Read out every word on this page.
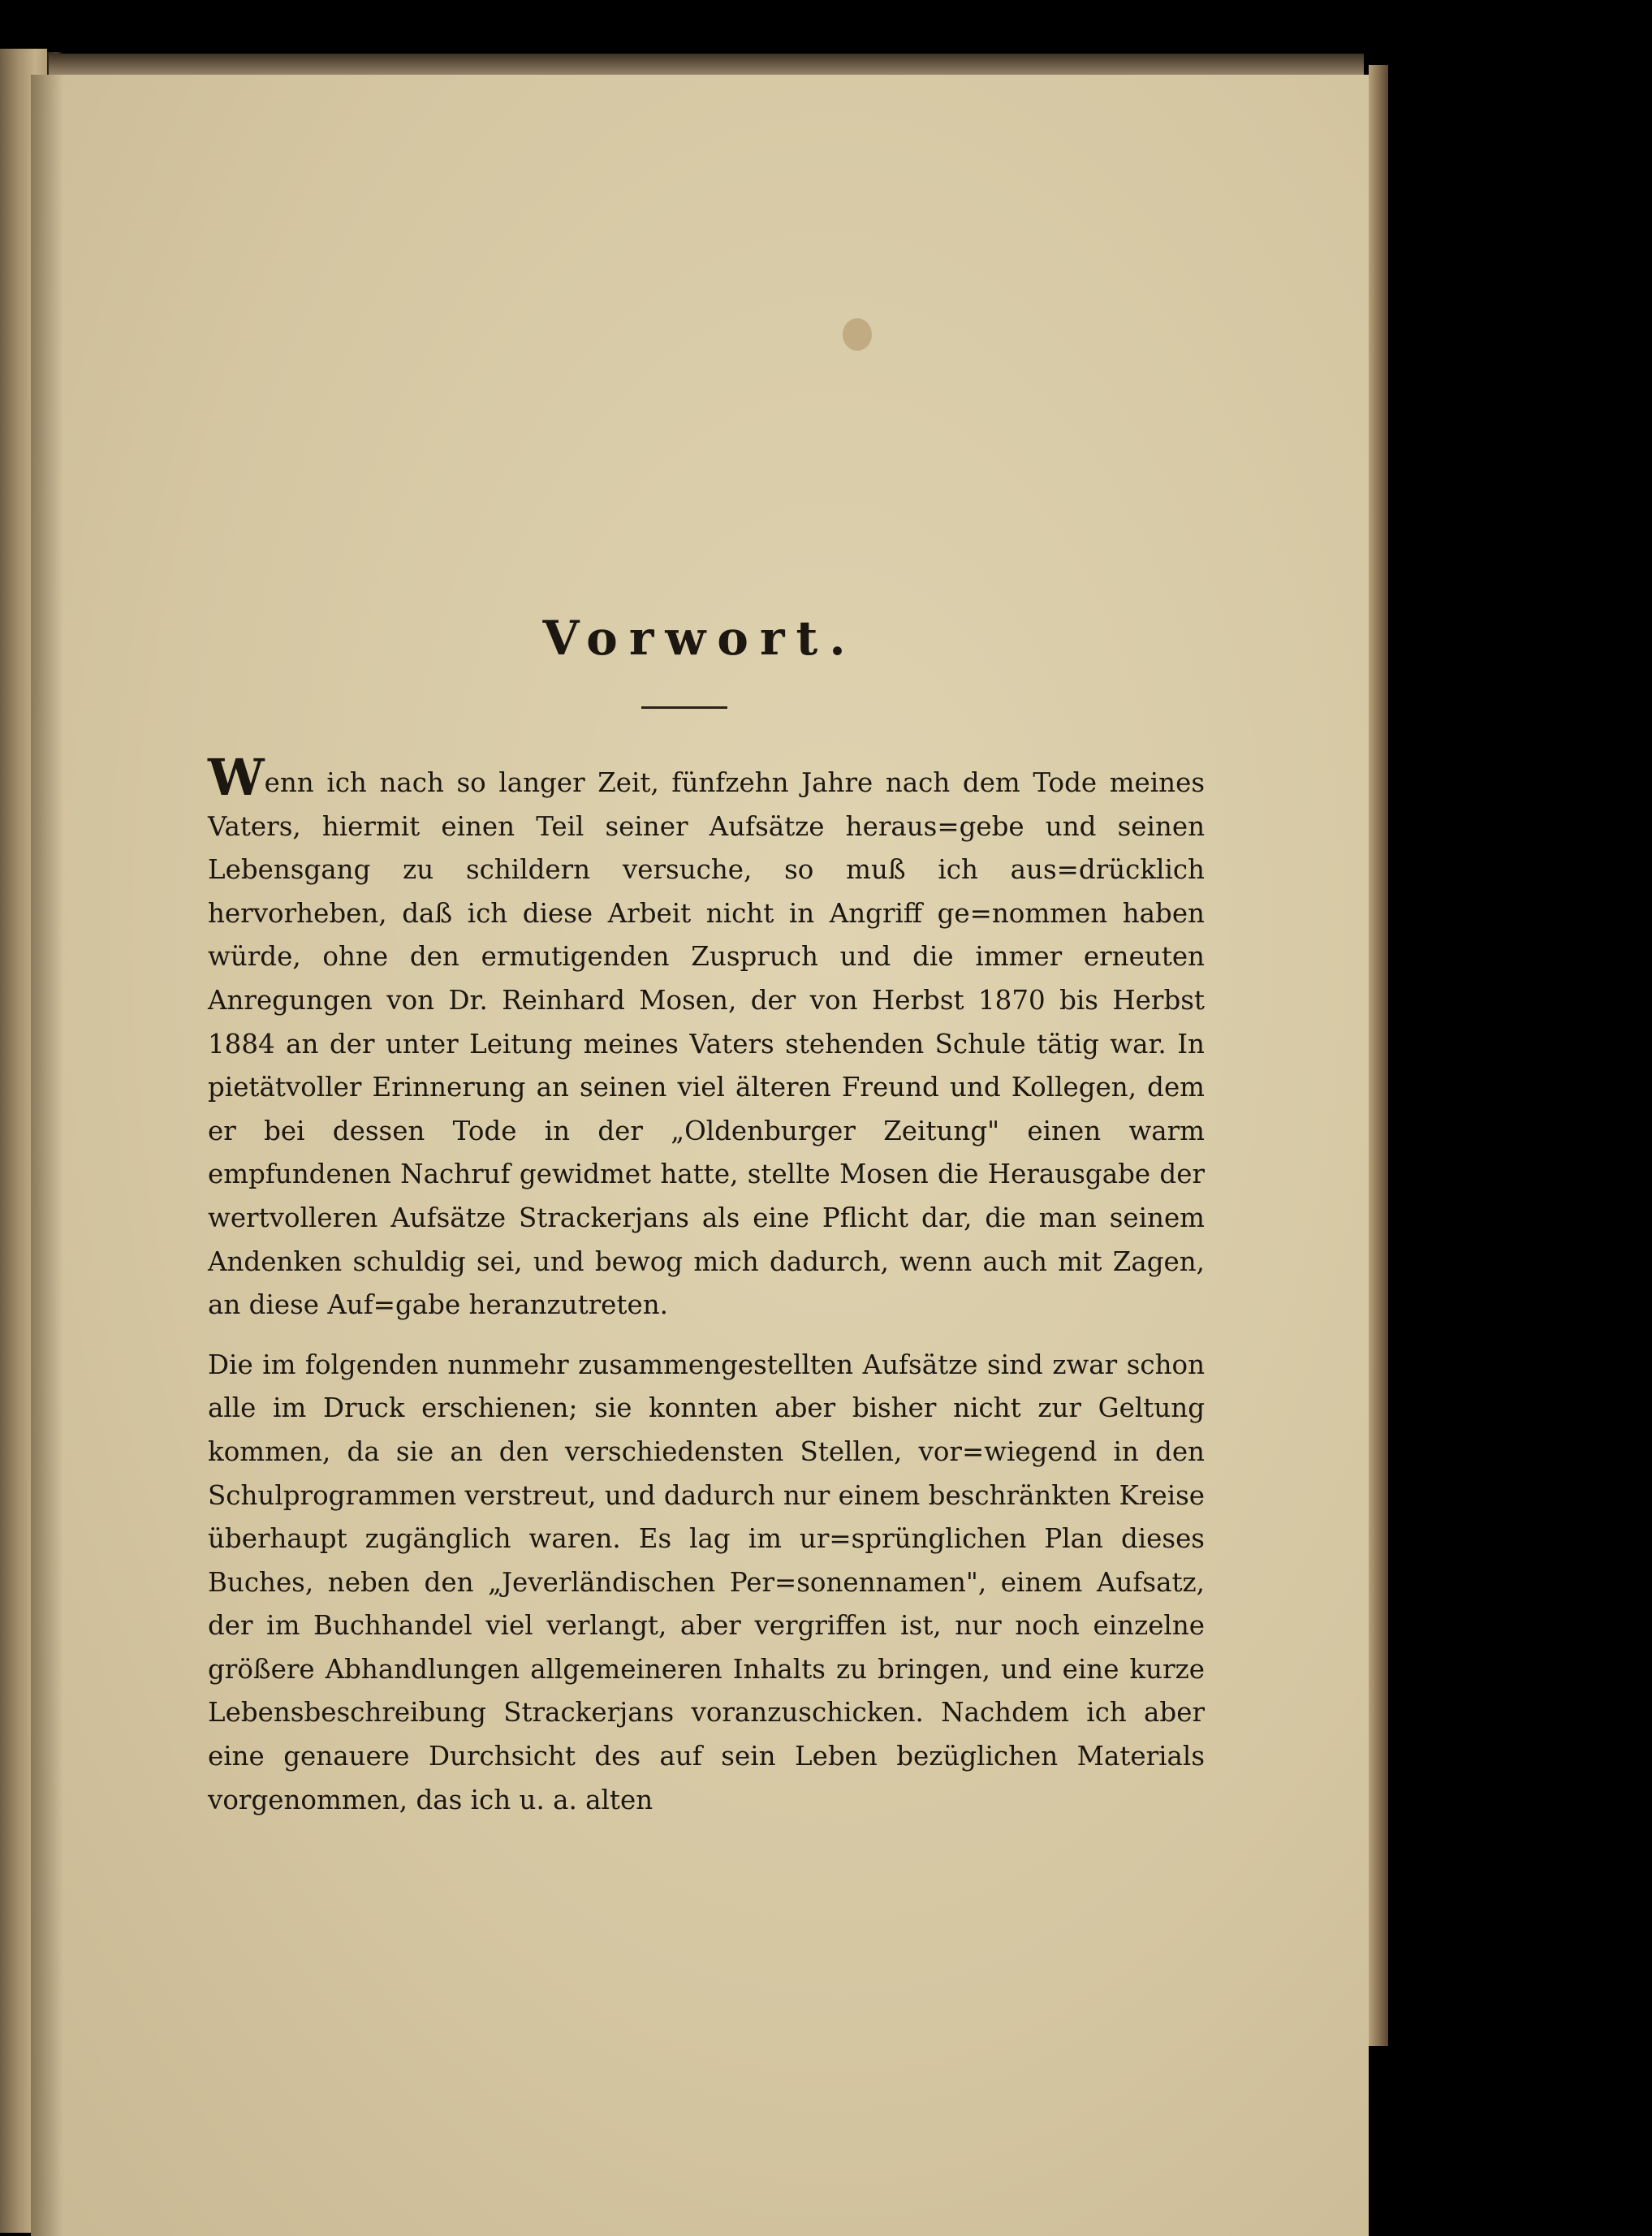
Vorwort.

Wenn ich nach so langer Zeit, fünfzehn Jahre nach dem Tode meines Vaters, hiermit einen Teil seiner Aufsätze heraus=gebe und seinen Lebensgang zu schildern versuche, so muß ich aus=drücklich hervorheben, daß ich diese Arbeit nicht in Angriff ge=nommen haben würde, ohne den ermutigenden Zuspruch und die immer erneuten Anregungen von Dr. Reinhard Mosen, der von Herbst 1870 bis Herbst 1884 an der unter Leitung meines Vaters stehenden Schule tätig war. In pietätvoller Erinnerung an seinen viel älteren Freund und Kollegen, dem er bei dessen Tode in der „Oldenburger Zeitung" einen warm empfundenen Nachruf gewidmet hatte, stellte Mosen die Herausgabe der wertvolleren Aufsätze Strackerjans als eine Pflicht dar, die man seinem Andenken schuldig sei, und bewog mich dadurch, wenn auch mit Zagen, an diese Auf=gabe heranzutreten.

Die im folgenden nunmehr zusammengestellten Aufsätze sind zwar schon alle im Druck erschienen; sie konnten aber bisher nicht zur Geltung kommen, da sie an den verschiedensten Stellen, vor=wiegend in den Schulprogrammen verstreut, und dadurch nur einem beschränkten Kreise überhaupt zugänglich waren. Es lag im ur=sprünglichen Plan dieses Buches, neben den „Jeverländischen Per=sonennamen", einem Aufsatz, der im Buchhandel viel verlangt, aber vergriffen ist, nur noch einzelne größere Abhandlungen allgemeineren Inhalts zu bringen, und eine kurze Lebensbeschreibung Strackerjans voranzuschicken. Nachdem ich aber eine genauere Durchsicht des auf sein Leben bezüglichen Materials vorgenommen, das ich u. a. alten
